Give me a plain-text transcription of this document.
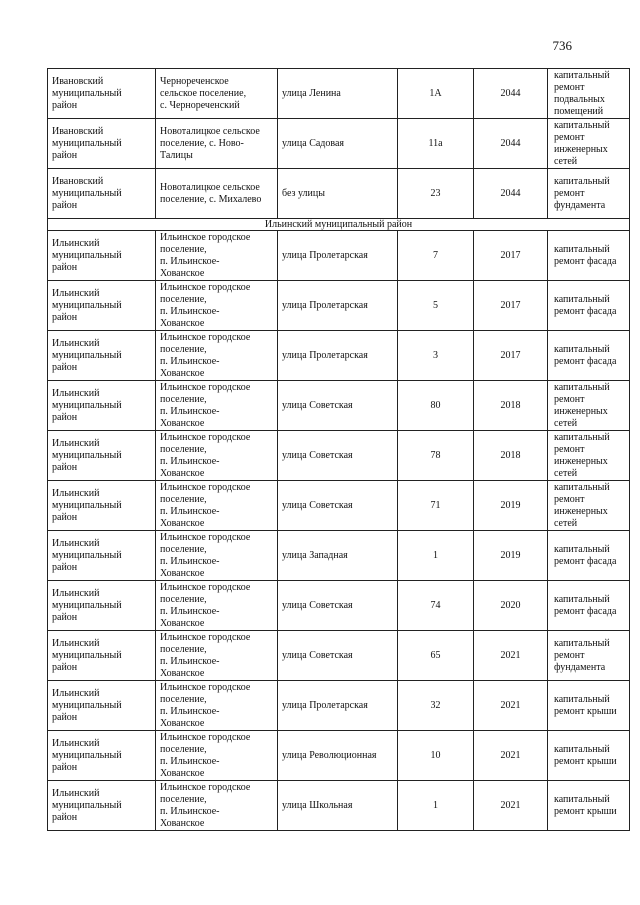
736
Ивановский
муниципальный
район	Чернореченское
сельское поселение,
с. Чернореченский	улица Ленина	1А	2044	капитальный
ремонт
подвальных
помещений

Ивановский
муниципальный
район	Новоталицкое сельское
поселение, с. Ново-
Талицы	улица Садовая	11а	2044	капитальный
ремонт
инженерных
сетей

Ивановский
муниципальный
район	Новоталицкое сельское
поселение, с. Михалево	без улицы	23	2044	капитальный
ремонт
фундамента

Ильинский муниципальный район					

Ильинский
муниципальный
район	Ильинское городское
поселение,
п. Ильинское-
Хованское	улица Пролетарская	7	2017	капитальный
ремонт фасада

Ильинский
муниципальный
район	Ильинское городское
поселение,
п. Ильинское-
Хованское	улица Пролетарская	5	2017	капитальный
ремонт фасада

Ильинский
муниципальный
район	Ильинское городское
поселение,
п. Ильинское-
Хованское	улица Пролетарская	3	2017	капитальный
ремонт фасада

Ильинский
муниципальный
район	Ильинское городское
поселение,
п. Ильинское-
Хованское	улица Советская	80	2018	капитальный
ремонт
инженерных
сетей

Ильинский
муниципальный
район	Ильинское городское
поселение,
п. Ильинское-
Хованское	улица Советская	78	2018	капитальный
ремонт
инженерных
сетей

Ильинский
муниципальный
район	Ильинское городское
поселение,
п. Ильинское-
Хованское	улица Советская	71	2019	капитальный
ремонт
инженерных
сетей

Ильинский
муниципальный
район	Ильинское городское
поселение,
п. Ильинское-
Хованское	улица Западная	1	2019	капитальный
ремонт фасада

Ильинский
муниципальный
район	Ильинское городское
поселение,
п. Ильинское-
Хованское	улица Советская	74	2020	капитальный
ремонт фасада

Ильинский
муниципальный
район	Ильинское городское
поселение,
п. Ильинское-
Хованское	улица Советская	65	2021	капитальный
ремонт
фундамента

Ильинский
муниципальный
район	Ильинское городское
поселение,
п. Ильинское-
Хованское	улица Пролетарская	32	2021	капитальный
ремонт крыши

Ильинский
муниципальный
район	Ильинское городское
поселение,
п. Ильинское-
Хованское	улица Революционная	10	2021	капитальный
ремонт крыши

Ильинский
муниципальный
район	Ильинское городское
поселение,
п. Ильинское-
Хованское	улица Школьная	1	2021	капитальный
ремонт крыши
